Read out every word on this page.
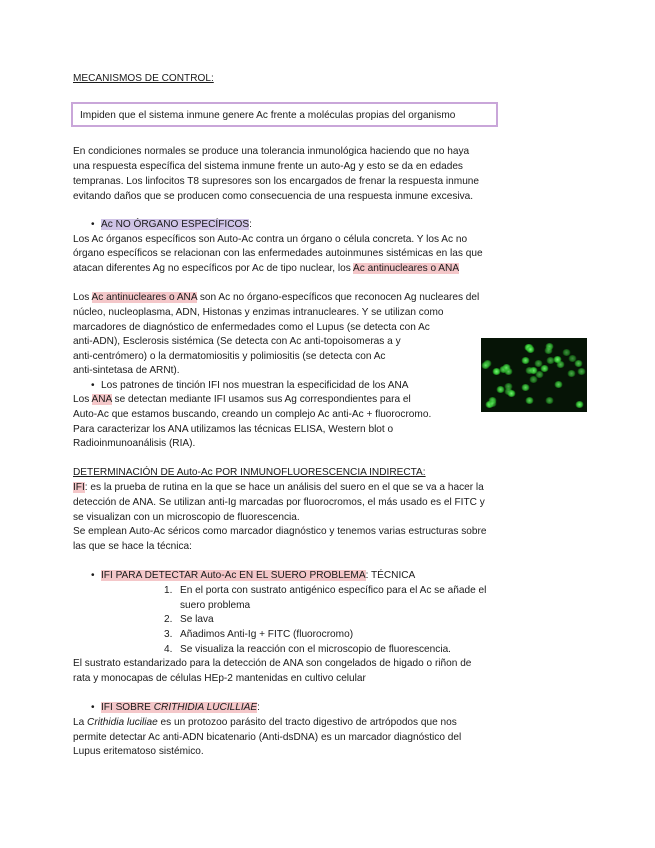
MECANISMOS DE CONTROL:
Impiden que el sistema inmune genere Ac frente a moléculas propias del organismo
En condiciones normales se produce una tolerancia inmunológica haciendo que no haya
una respuesta específica del sistema inmune frente un auto-Ag y esto se da en edades
tempranas. Los linfocitos T8 supresores son los encargados de frenar la respuesta inmune
evitando daños que se producen como consecuencia de una respuesta inmune excesiva.
• Ac NO ÓRGANO ESPECÍFICOS:
Los Ac órganos específicos son Auto-Ac contra un órgano o célula concreta. Y los Ac no
órgano específicos se relacionan con las enfermedades autoinmunes sistémicas en las que
atacan diferentes Ag no específicos por Ac de tipo nuclear, los Ac antinucleares o ANA
Los Ac antinucleares o ANA son Ac no órgano-específicos que reconocen Ag nucleares del
núcleo, nucleoplasma, ADN, Histonas y enzimas intranucleares. Y se utilizan como
marcadores de diagnóstico de enfermedades como el Lupus (se detecta con Ac
anti-ADN), Esclerosis sistémica (Se detecta con Ac anti-topoisomeras a y
anti-centrómero) o la dermatomiositis y polimiositis (se detecta con Ac
anti-sintetasa de ARNt).
• Los patrones de tinción IFI nos muestran la especificidad de los ANA
Los ANA se detectan mediante IFI usamos sus Ag correspondientes para el
Auto-Ac que estamos buscando, creando un complejo Ac anti-Ac + fluorocromo.
Para caracterizar los ANA utilizamos las técnicas ELISA, Western blot o
Radioinmunoanálisis (RIA).
DETERMINACIÓN DE Auto-Ac POR INMUNOFLUORESCENCIA INDIRECTA:
IFI: es la prueba de rutina en la que se hace un análisis del suero en el que se va a hacer la
detección de ANA. Se utilizan anti-Ig marcadas por fluorocromos, el más usado es el FITC y
se visualizan con un microscopio de fluorescencia.
Se emplean Auto-Ac séricos como marcador diagnóstico y tenemos varias estructuras sobre
las que se hace la técnica:
• IFI PARA DETECTAR Auto-Ac EN EL SUERO PROBLEMA: TÉCNICA
1. En el porta con sustrato antigénico específico para el Ac se añade el
suero problema
2. Se lava
3. Añadimos Anti-Ig + FITC (fluorocromo)
4. Se visualiza la reacción con el microscopio de fluorescencia.
El sustrato estandarizado para la detección de ANA son congelados de higado o riñon de
rata y monocapas de células HEp-2 mantenidas en cultivo celular
• IFI SOBRE CRITHIDIA LUCILLIAE:
La Crithidia luciliae es un protozoo parásito del tracto digestivo de artrópodos que nos
permite detectar Ac anti-ADN bicatenario (Anti-dsDNA) es un marcador diagnóstico del
Lupus eritematoso sistémico.
